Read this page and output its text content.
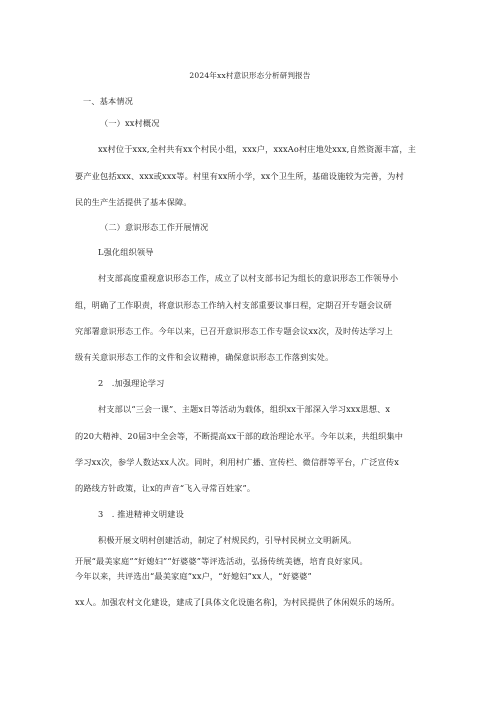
2024年xx村意识形态分析研判报告
一、基本情况
（一）xx村概况
xx村位于xxx,全村共有xx个村民小组，xxx户，xxxAo村庄地处xxx,自然资源丰富，主
要产业包括xxx、xxx或xxx等。村里有xx所小学，xx个卫生所，基础设施较为完善，为村
民的生产生活提供了基本保障。
（二）意识形态工作开展情况
L强化组织领导
村支部高度重视意识形态工作，成立了以村支部书记为组长的意识形态工作领导小
组，明确了工作职责，将意识形态工作纳入村支部重要议事日程，定期召开专题会议研
究部署意识形态工作。今年以来，已召开意识形态工作专题会议xx次，及时传达学习上
级有关意识形态工作的文件和会议精神，确保意识形态工作落到实处。
2　.加强理论学习
村支部以“三会一课”、主题x日等活动为载体，组织xx干部深入学习xxx思想、x
的20大精神、20届3中全会等，不断提高xx干部的政治理论水平。今年以来，共组织集中
学习xx次，参学人数达xx人次。同时，利用村广播、宣传栏、微信群等平台，广泛宣传x
的路线方针政策，让x的声音“飞入寻常百姓家”。
3　. 推进精神文明建设
积极开展文明村创建活动，制定了村规民约，引导村民树立文明新风。
开展“最美家庭”“好媳妇”“好婆婆”等评选活动，弘扬传统美德，培育良好家风。
今年以来，共评选出“最美家庭”xx户，“好媳妇”xx人，“好婆婆”
xx人。加强农村文化建设，建成了[具体文化设施名称]，为村民提供了休闲娱乐的场所。
